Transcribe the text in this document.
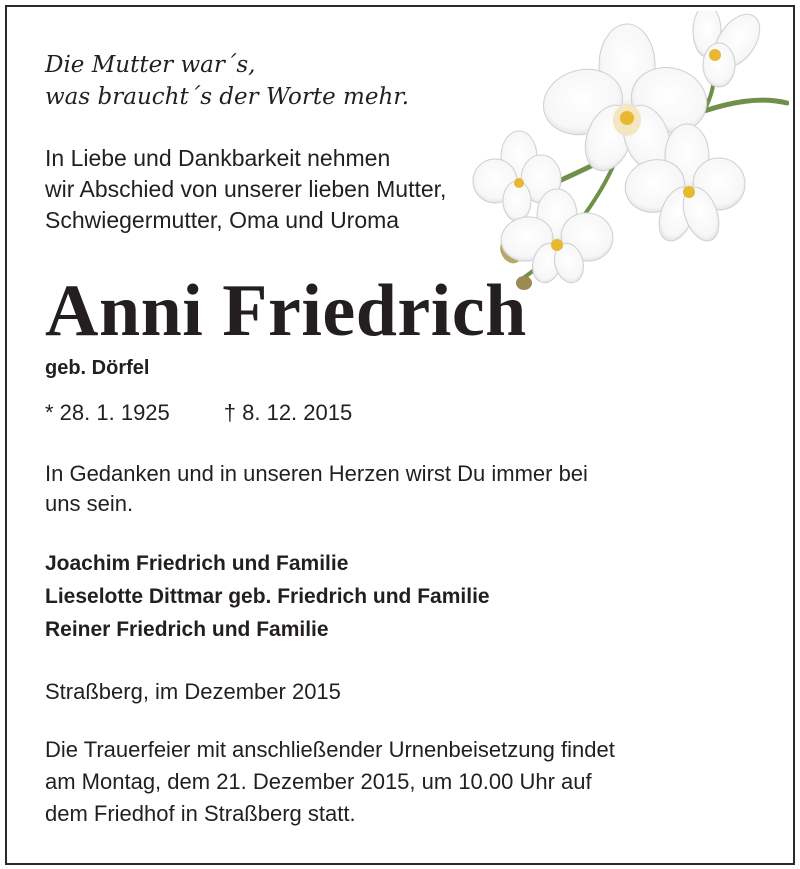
Die Mutter war´s,
was braucht´s der Worte mehr.

In Liebe und Dankbarkeit nehmen
wir Abschied von unserer lieben Mutter,
Schwiegermutter, Oma und Uroma

Anni Friedrich

geb. Dörfel

* 28. 1. 1925 † 8. 12. 2015

In Gedanken und in unseren Herzen wirst Du immer bei
uns sein.

Joachim Friedrich und Familie
Lieselotte Dittmar geb. Friedrich und Familie
Reiner Friedrich und Familie

Straßberg, im Dezember 2015

Die Trauerfeier mit anschließender Urnenbeisetzung findet
am Montag, dem 21. Dezember 2015, um 10.00 Uhr auf
dem Friedhof in Straßberg statt.
